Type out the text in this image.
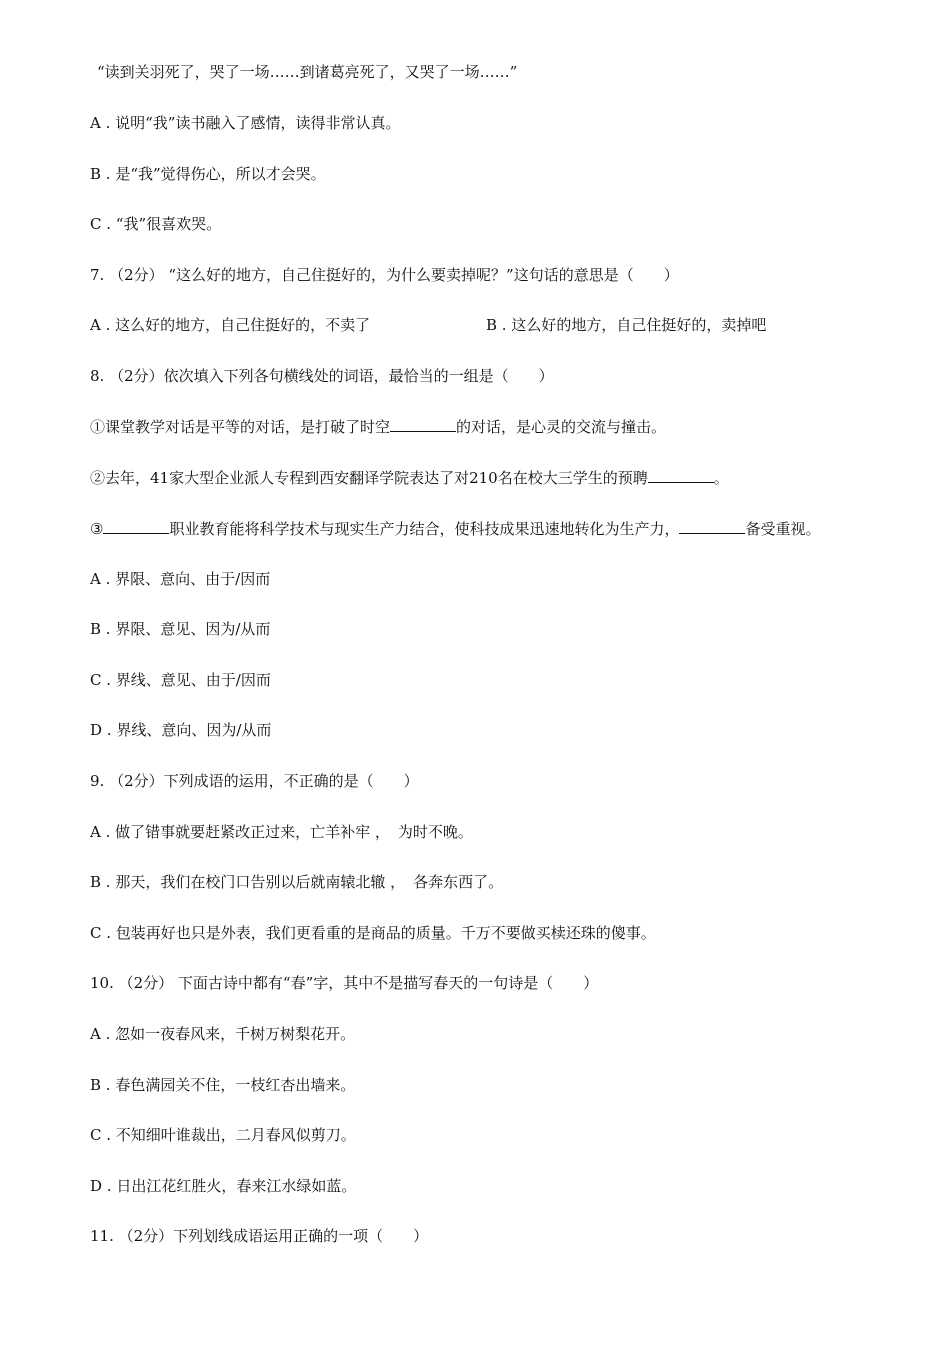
“读到关羽死了，哭了一场……到诸葛亮死了，又哭了一场……”
A . 说明“我”读书融入了感情，读得非常认真。
B . 是“我”觉得伤心，所以才会哭。
C . “我”很喜欢哭。
7. （2分） “这么好的地方，自己住挺好的，为什么要卖掉呢？”这句话的意思是（　　）
A . 这么好的地方，自己住挺好的，不卖了	B . 这么好的地方，自己住挺好的，卖掉吧
8. （2分）依次填入下列各句横线处的词语，最恰当的一组是（　　）
①课堂教学对话是平等的对话，是打破了时空	的对话，是心灵的交流与撞击。
②去年，41家大型企业派人专程到西安翻译学院表达了对210名在校大三学生的预聘	。
③	职业教育能将科学技术与现实生产力结合，使科技成果迅速地转化为生产力，	备受重视。
A . 界限、意向、由于/因而
B . 界限、意见、因为/从而
C . 界线、意见、由于/因而
D . 界线、意向、因为/从而
9. （2分）下列成语的运用，不正确的是（　　）
A . 做了错事就要赶紧改正过来，亡羊补牢 ， 为时不晚。
B . 那天，我们在校门口告别以后就南辕北辙 ， 各奔东西了。
C . 包装再好也只是外表，我们更看重的是商品的质量。千万不要做买椟还珠的傻事。
10. （2分） 下面古诗中都有“春”字，其中不是描写春天的一句诗是（　　）
A . 忽如一夜春风来，千树万树梨花开。
B . 春色满园关不住，一枝红杏出墙来。
C . 不知细叶谁裁出，二月春风似剪刀。
D . 日出江花红胜火，春来江水绿如蓝。
11. （2分）下列划线成语运用正确的一项（　　）
